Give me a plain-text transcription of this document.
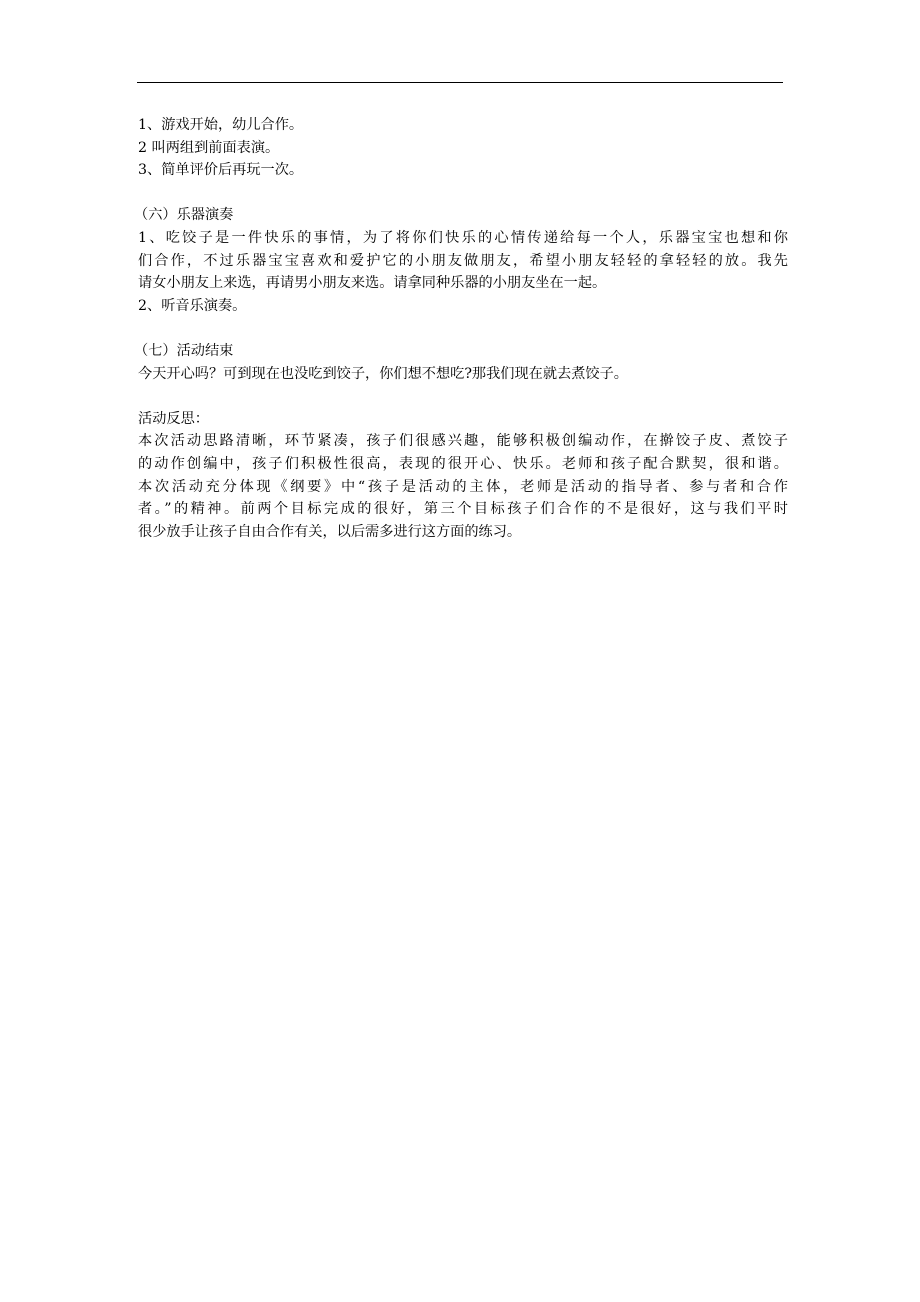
1、游戏开始，幼儿合作。
2 叫两组到前面表演。
3、简单评价后再玩一次。
（六）乐器演奏
1、吃饺子是一件快乐的事情，为了将你们快乐的心情传递给每一个人，乐器宝宝也想和你
们合作，不过乐器宝宝喜欢和爱护它的小朋友做朋友，希望小朋友轻轻的拿轻轻的放。我先
请女小朋友上来选，再请男小朋友来选。请拿同种乐器的小朋友坐在一起。
2、听音乐演奏。
（七）活动结束
今天开心吗？可到现在也没吃到饺子，你们想不想吃?那我们现在就去煮饺子。
活动反思：
本次活动思路清晰，环节紧凑，孩子们很感兴趣，能够积极创编动作，在擀饺子皮、煮饺子
的动作创编中，孩子们积极性很高，表现的很开心、快乐。老师和孩子配合默契，很和谐。
本次活动充分体现《纲要》中“孩子是活动的主体，老师是活动的指导者、参与者和合作
者。”的精神。前两个目标完成的很好，第三个目标孩子们合作的不是很好，这与我们平时
很少放手让孩子自由合作有关，以后需多进行这方面的练习。
